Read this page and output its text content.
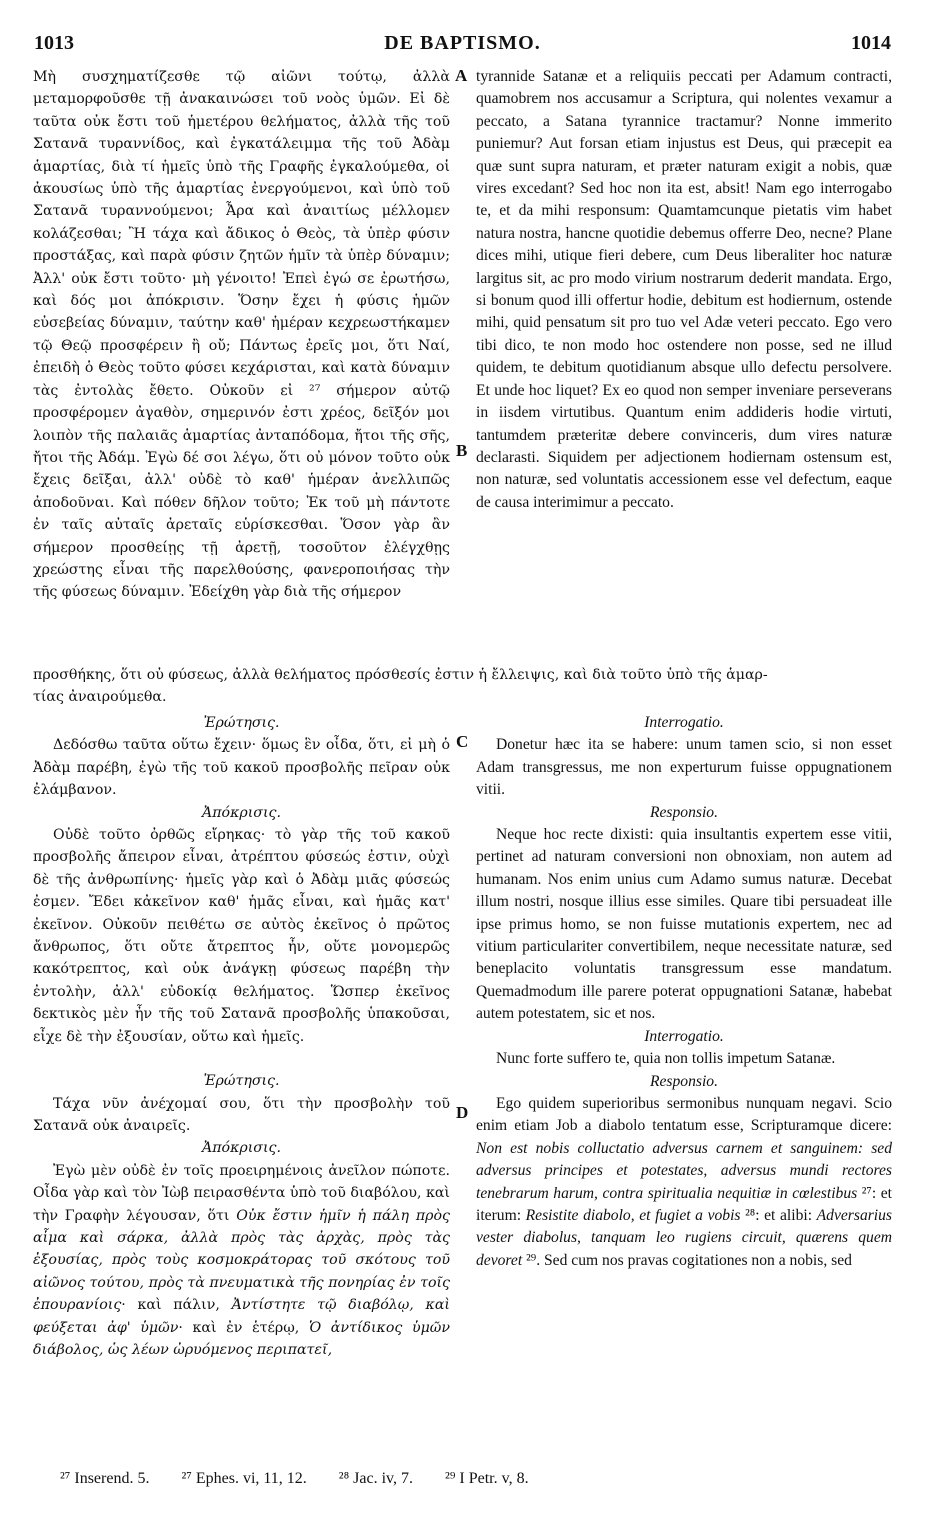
1013	DE BAPTISMO.	1014
A
B
C
D

Μὴ συσχηματίζεσθε τῷ αἰῶνι τούτῳ, ἀλλὰ μεταμορφοῦσθε τῇ ἀνακαινώσει τοῦ νοὸς ὑμῶν. Εἰ δὲ ταῦτα οὐκ ἔστι τοῦ ἡμετέρου θελήματος, ἀλλὰ τῆς τοῦ Σατανᾶ τυραννίδος, καὶ ἐγκατάλειμμα τῆς τοῦ Ἀδὰμ ἁμαρτίας, διὰ τί ἡμεῖς ὑπὸ τῆς Γραφῆς ἐγκαλούμεθα, οἱ ἀκουσίως ὑπὸ τῆς ἁμαρτίας ἐνεργούμενοι, καὶ ὑπὸ τοῦ Σατανᾶ τυραννούμενοι; Ἆρα καὶ ἀναιτίως μέλλομεν κολάζεσθαι; Ἢ τάχα καὶ ἄδικος ὁ Θεὸς, τὰ ὑπὲρ φύσιν προστάξας, καὶ παρὰ φύσιν ζητῶν ἡμῖν τὰ ὑπὲρ δύναμιν; Ἀλλ' οὐκ ἔστι τοῦτο· μὴ γένοιτο! Ἐπεὶ ἐγώ σε ἐρωτήσω, καὶ δός μοι ἀπόκρισιν. Ὅσην ἔχει ἡ φύσις ἡμῶν εὐσεβείας δύναμιν, ταύτην καθ' ἡμέραν κεχρεωστήκαμεν τῷ Θεῷ προσφέρειν ἢ οὔ; Πάντως ἐρεῖς μοι, ὅτι Ναί, ἐπειδὴ ὁ Θεὸς τοῦτο φύσει κεχάρισται, καὶ κατὰ δύναμιν τὰς ἐντολὰς ἔθετο. Οὐκοῦν εἰ ²⁷ σήμερον αὐτῷ προσφέρομεν ἀγαθὸν, σημερινόν ἐστι χρέος, δεῖξόν μοι λοιπὸν τῆς παλαιᾶς ἁμαρτίας ἀνταπόδομα, ἤτοι τῆς σῆς, ἤτοι τῆς Ἀδάμ. Ἐγὼ δέ σοι λέγω, ὅτι οὐ μόνον τοῦτο οὐκ ἔχεις δεῖξαι, ἀλλ' οὐδὲ τὸ καθ' ἡμέραν ἀνελλιπῶς ἀποδοῦναι. Καὶ πόθεν δῆλον τοῦτο; Ἐκ τοῦ μὴ πάντοτε ἐν ταῖς αὐταῖς ἀρεταῖς εὑρίσκεσθαι. Ὅσον γὰρ ἂν σήμερον προσθείῃς τῇ ἀρετῇ, τοσοῦτον ἐλέγχθῃς χρεώστης εἶναι τῆς παρελθούσης, φανεροποιήσας τὴν τῆς φύσεως δύναμιν. Ἐδείχθη γὰρ διὰ τῆς σήμερον

tyrannide Satanæ et a reliquiis peccati per Adamum contracti, quamobrem nos accusamur a Scriptura, qui nolentes vexamur a peccato, a Satana tyrannice tractamur? Nonne immerito puniemur? Aut forsan etiam injustus est Deus, qui præcepit ea quæ sunt supra naturam, et præter naturam exigit a nobis, quæ vires excedant? Sed hoc non ita est, absit! Nam ego interrogabo te, et da mihi responsum: Quamtamcunque pietatis vim habet natura nostra, hancne quotidie debemus offerre Deo, necne? Plane dices mihi, utique fieri debere, cum Deus liberaliter hoc naturæ largitus sit, ac pro modo virium nostrarum dederit mandata. Ergo, si bonum quod illi offertur hodie, debitum est hodiernum, ostende mihi, quid pensatum sit pro tuo vel Adæ veteri peccato. Ego vero tibi dico, te non modo hoc ostendere non posse, sed ne illud quidem, te debitum quotidianum absque ullo defectu persolvere. Et unde hoc liquet? Ex eo quod non semper inveniare perseverans in iisdem virtutibus. Quantum enim addideris hodie virtuti, tantumdem præteritæ debere convinceris, dum vires naturæ declarasti. Siquidem per adjectionem hodiernam ostensum est, non naturæ, sed voluntatis accessionem esse vel defectum, eaque de causa interimimur a peccato.

προσθήκης, ὅτι οὐ φύσεως, ἀλλὰ θελήματος πρόσθεσίς ἐστιν ἡ ἔλλειψις, καὶ διὰ τοῦτο ὑπὸ τῆς ἁμαρ-

τίας ἀναιρούμεθα.

Ἐρώτησις.

Δεδόσθω ταῦτα οὕτω ἔχειν· ὅμως ἓν οἶδα, ὅτι, εἰ μὴ ὁ Ἀδὰμ παρέβη, ἐγὼ τῆς τοῦ κακοῦ προσβολῆς πεῖραν οὐκ ἐλάμβανον.

Ἀπόκρισις.

Οὐδὲ τοῦτο ὀρθῶς εἴρηκας· τὸ γὰρ τῆς τοῦ κακοῦ προσβολῆς ἄπειρον εἶναι, ἀτρέπτου φύσεώς ἐστιν, οὐχὶ δὲ τῆς ἀνθρωπίνης· ἡμεῖς γὰρ καὶ ὁ Ἀδὰμ μιᾶς φύσεώς ἐσμεν. Ἔδει κἀκεῖνον καθ' ἡμᾶς εἶναι, καὶ ἡμᾶς κατ' ἐκεῖνον. Οὐκοῦν πειθέτω σε αὐτὸς ἐκεῖνος ὁ πρῶτος ἄνθρωπος, ὅτι οὔτε ἄτρεπτος ἦν, οὔτε μονομερῶς κακότρεπτος, καὶ οὐκ ἀνάγκῃ φύσεως παρέβη τὴν ἐντολὴν, ἀλλ' εὐδοκίᾳ θελήματος. Ὥσπερ ἐκεῖνος δεκτικὸς μὲν ἦν τῆς τοῦ Σατανᾶ προσβολῆς ὑπακοῦσαι, εἶχε δὲ τὴν ἐξουσίαν, οὕτω καὶ ἡμεῖς.

Ἐρώτησις.

Τάχα νῦν ἀνέχομαί σου, ὅτι τὴν προσβολὴν τοῦ Σατανᾶ οὐκ ἀναιρεῖς.

Ἀπόκρισις.

Ἐγὼ μὲν οὐδὲ ἐν τοῖς προειρημένοις ἀνεῖλον πώποτε. Οἶδα γὰρ καὶ τὸν Ἰὼβ πειρασθέντα ὑπὸ τοῦ διαβόλου, καὶ τὴν Γραφὴν λέγουσαν, ὅτι Οὐκ ἔστιν ἡμῖν ἡ πάλη πρὸς αἷμα καὶ σάρκα, ἀλλὰ πρὸς τὰς ἀρχὰς, πρὸς τὰς ἐξουσίας, πρὸς τοὺς κοσμοκράτορας τοῦ σκότους τοῦ αἰῶνος τούτου, πρὸς τὰ πνευματικὰ τῆς πονηρίας ἐν τοῖς ἐπουρανίοις· καὶ πάλιν, Ἀντίστητε τῷ διαβόλῳ, καὶ φεύξεται ἀφ' ὑμῶν· καὶ ἐν ἑτέρῳ, Ὁ ἀντίδικος ὑμῶν διάβολος, ὡς λέων ὠρυόμενος περιπατεῖ,

Interrogatio.

Donetur hæc ita se habere: unum tamen scio, si non esset Adam transgressus, me non experturum fuisse oppugnationem vitii.

Responsio.

Neque hoc recte dixisti: quia insultantis expertem esse vitii, pertinet ad naturam conversioni non obnoxiam, non autem ad humanam. Nos enim unius cum Adamo sumus naturæ. Decebat illum nostri, nosque illius esse similes. Quare tibi persuadeat ille ipse primus homo, se non fuisse mutationis expertem, nec ad vitium particulariter convertibilem, neque necessitate naturæ, sed beneplacito voluntatis transgressum esse mandatum. Quemadmodum ille parere poterat oppugnationi Satanæ, habebat autem potestatem, sic et nos.

Interrogatio.

Nunc forte suffero te, quia non tollis impetum Satanæ.

Responsio.

Ego quidem superioribus sermonibus nunquam negavi. Scio enim etiam Job a diabolo tentatum esse, Scripturamque dicere: Non est nobis colluctatio adversus carnem et sanguinem: sed adversus principes et potestates, adversus mundi rectores tenebrarum harum, contra spiritualia nequitiæ in cœlestibus ²⁷: et iterum: Resistite diabolo, et fugiet a vobis ²⁸: et alibi: Adversarius vester diabolus, tanquam leo rugiens circuit, quærens quem devoret ²⁹. Sed cum nos pravas cogitationes non a nobis, sed

²⁷ Inserend. 5. ²⁷ Ephes. vi, 11, 12. ²⁸ Jac. iv, 7. ²⁹ I Petr. v, 8.
